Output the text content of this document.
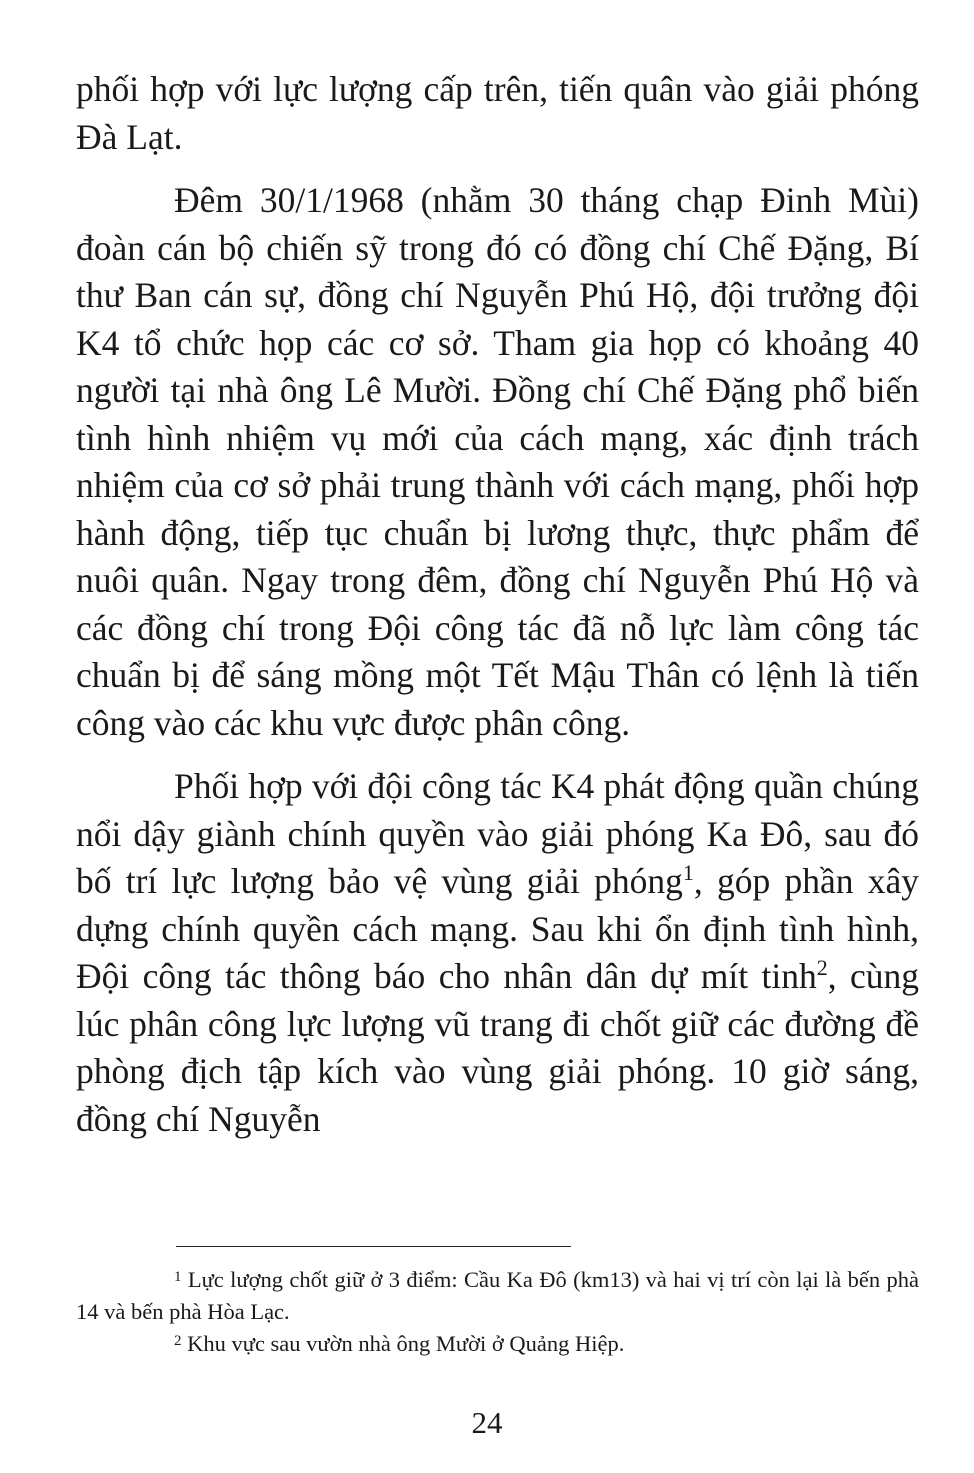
phối hợp với lực lượng cấp trên, tiến quân vào giải phóng Đà Lạt.

Đêm 30/1/1968 (nhằm 30 tháng chạp Đinh Mùi) đoàn cán bộ chiến sỹ trong đó có đồng chí Chế Đặng, Bí thư Ban cán sự, đồng chí Nguyễn Phú Hộ, đội trưởng đội K4 tổ chức họp các cơ sở. Tham gia họp có khoảng 40 người tại nhà ông Lê Mười. Đồng chí Chế Đặng phổ biến tình hình nhiệm vụ mới của cách mạng, xác định trách nhiệm của cơ sở phải trung thành với cách mạng, phối hợp hành động, tiếp tục chuẩn bị lương thực, thực phẩm để nuôi quân. Ngay trong đêm, đồng chí Nguyễn Phú Hộ và các đồng chí trong Đội công tác đã nỗ lực làm công tác chuẩn bị để sáng mồng một Tết Mậu Thân có lệnh là tiến công vào các khu vực được phân công.

Phối hợp với đội công tác K4 phát động quần chúng nổi dậy giành chính quyền vào giải phóng Ka Đô, sau đó bố trí lực lượng bảo vệ vùng giải phóng$^1$, góp phần xây dựng chính quyền cách mạng. Sau khi ổn định tình hình, Đội công tác thông báo cho nhân dân dự mít tinh$^2$, cùng lúc phân công lực lượng vũ trang đi chốt giữ các đường đề phòng địch tập kích vào vùng giải phóng. 10 giờ sáng, đồng chí Nguyễn

$^1$ Lực lượng chốt giữ ở 3 điểm: Cầu Ka Đô (km13) và hai vị trí còn lại là bến phà 14 và bến phà Hòa Lạc.

$^2$ Khu vực sau vườn nhà ông Mười ở Quảng Hiệp.

24
